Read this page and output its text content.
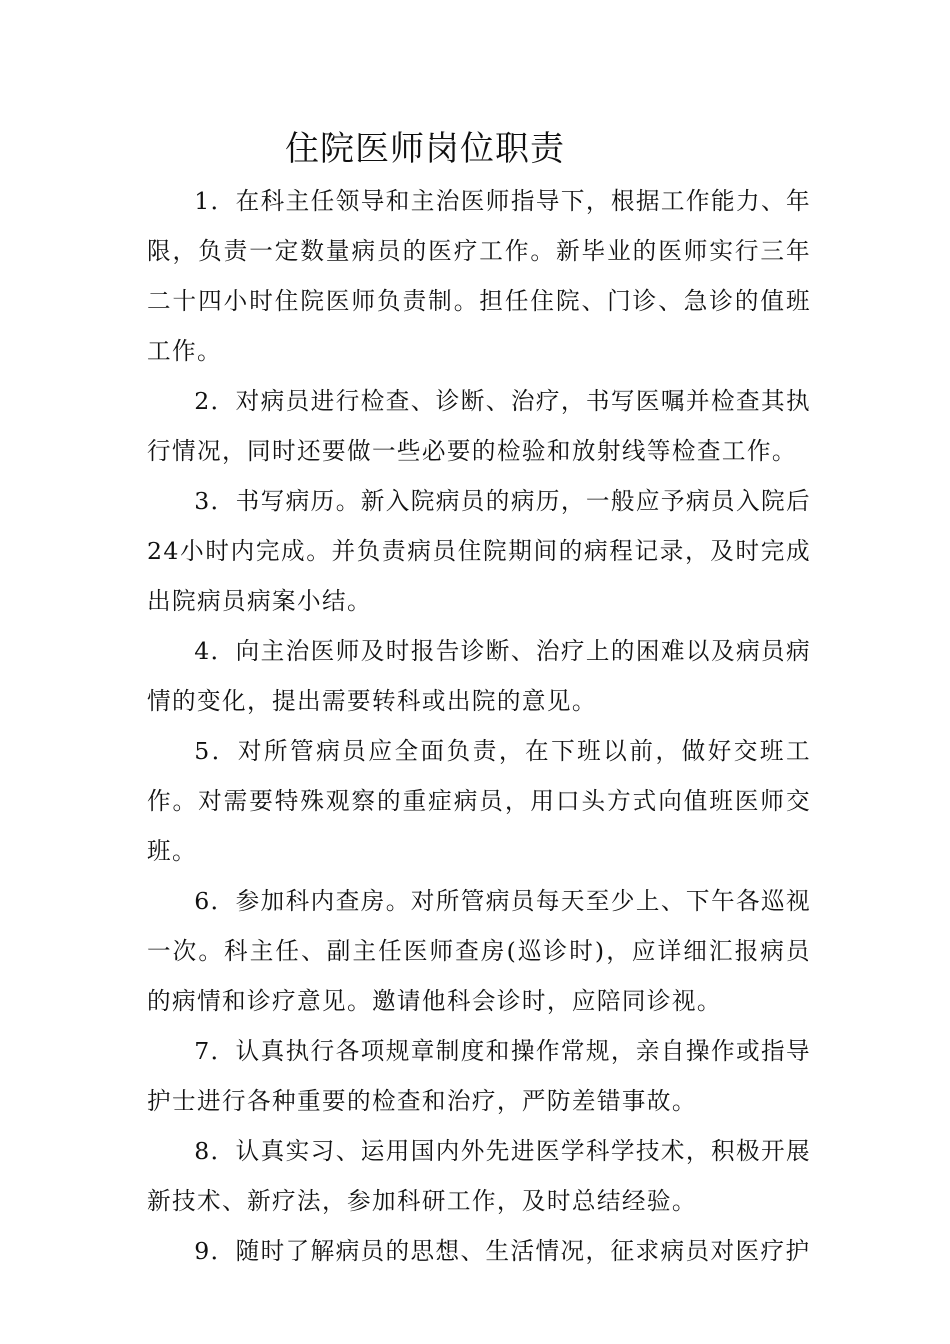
住院医师岗位职责

1．在科主任领导和主治医师指导下，根据工作能力、年限，负责一定数量病员的医疗工作。新毕业的医师实行三年二十四小时住院医师负责制。担任住院、门诊、急诊的值班工作。

2．对病员进行检查、诊断、治疗，书写医嘱并检查其执行情况，同时还要做一些必要的检验和放射线等检查工作。

3．书写病历。新入院病员的病历，一般应予病员入院后24小时内完成。并负责病员住院期间的病程记录，及时完成出院病员病案小结。

4．向主治医师及时报告诊断、治疗上的困难以及病员病情的变化，提出需要转科或出院的意见。

5．对所管病员应全面负责，在下班以前，做好交班工作。对需要特殊观察的重症病员，用口头方式向值班医师交班。

6．参加科内查房。对所管病员每天至少上、下午各巡视一次。科主任、副主任医师查房(巡诊时)，应详细汇报病员的病情和诊疗意见。邀请他科会诊时，应陪同诊视。

7．认真执行各项规章制度和操作常规，亲自操作或指导护士进行各种重要的检查和治疗，严防差错事故。

8．认真实习、运用国内外先进医学科学技术，积极开展新技术、新疗法，参加科研工作，及时总结经验。

9．随时了解病员的思想、生活情况，征求病员对医疗护
